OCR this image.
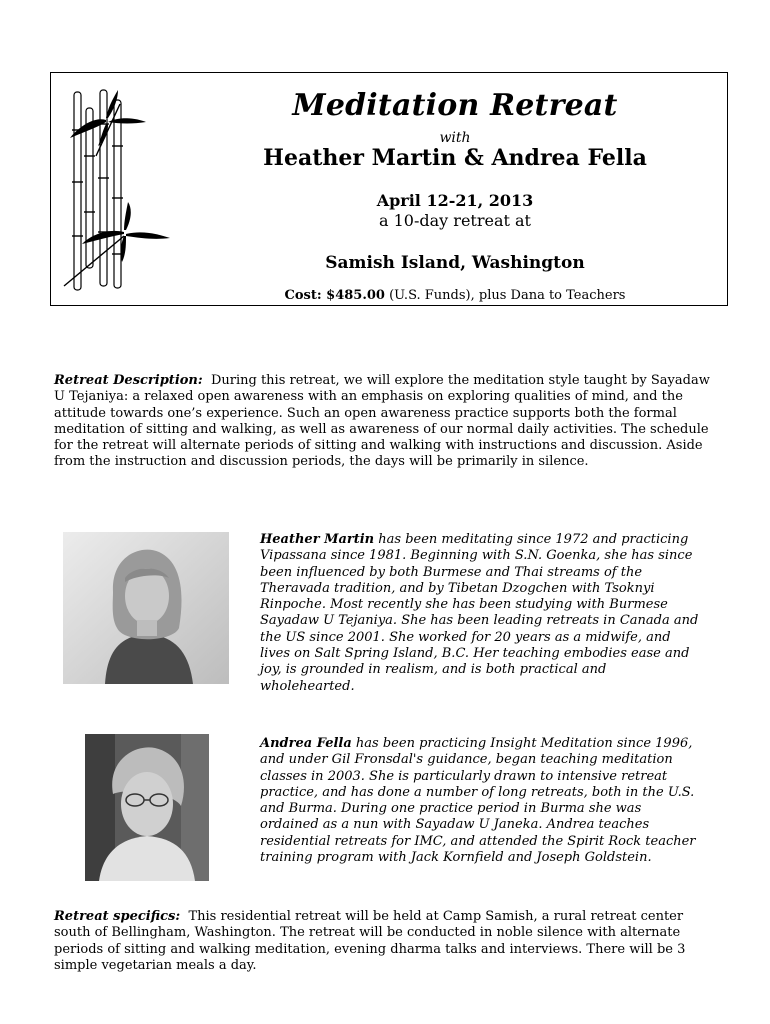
Meditation Retreat
with
Heather Martin & Andrea Fella
April 12-21, 2013
a 10-day retreat at
Samish Island, Washington
Cost: $485.00 (U.S. Funds), plus Dana to Teachers
Retreat Description: During this retreat, we will explore the meditation style taught by Sayadaw U Tejaniya: a relaxed open awareness with an emphasis on exploring qualities of mind, and the attitude towards one’s experience. Such an open awareness practice supports both the formal meditation of sitting and walking, as well as awareness of our normal daily activities. The schedule for the retreat will alternate periods of sitting and walking with instructions and discussion. Aside from the instruction and discussion periods, the days will be primarily in silence.
Heather Martin has been meditating since 1972 and practicing Vipassana since 1981. Beginning with S.N. Goenka, she has since been influenced by both Burmese and Thai streams of the Theravada tradition, and by Tibetan Dzogchen with Tsoknyi Rinpoche. Most recently she has been studying with Burmese Sayadaw U Tejaniya. She has been leading retreats in Canada and the US since 2001. She worked for 20 years as a midwife, and lives on Salt Spring Island, B.C. Her teaching embodies ease and joy, is grounded in realism, and is both practical and wholehearted.
Andrea Fella has been practicing Insight Meditation since 1996, and under Gil Fronsdal's guidance, began teaching meditation classes in 2003. She is particularly drawn to intensive retreat practice, and has done a number of long retreats, both in the U.S. and Burma. During one practice period in Burma she was ordained as a nun with Sayadaw U Janeka. Andrea teaches residential retreats for IMC, and attended the Spirit Rock teacher training program with Jack Kornfield and Joseph Goldstein.
Retreat specifics: This residential retreat will be held at Camp Samish, a rural retreat center south of Bellingham, Washington. The retreat will be conducted in noble silence with alternate periods of sitting and walking meditation, evening dharma talks and interviews. There will be 3 simple vegetarian meals a day.
